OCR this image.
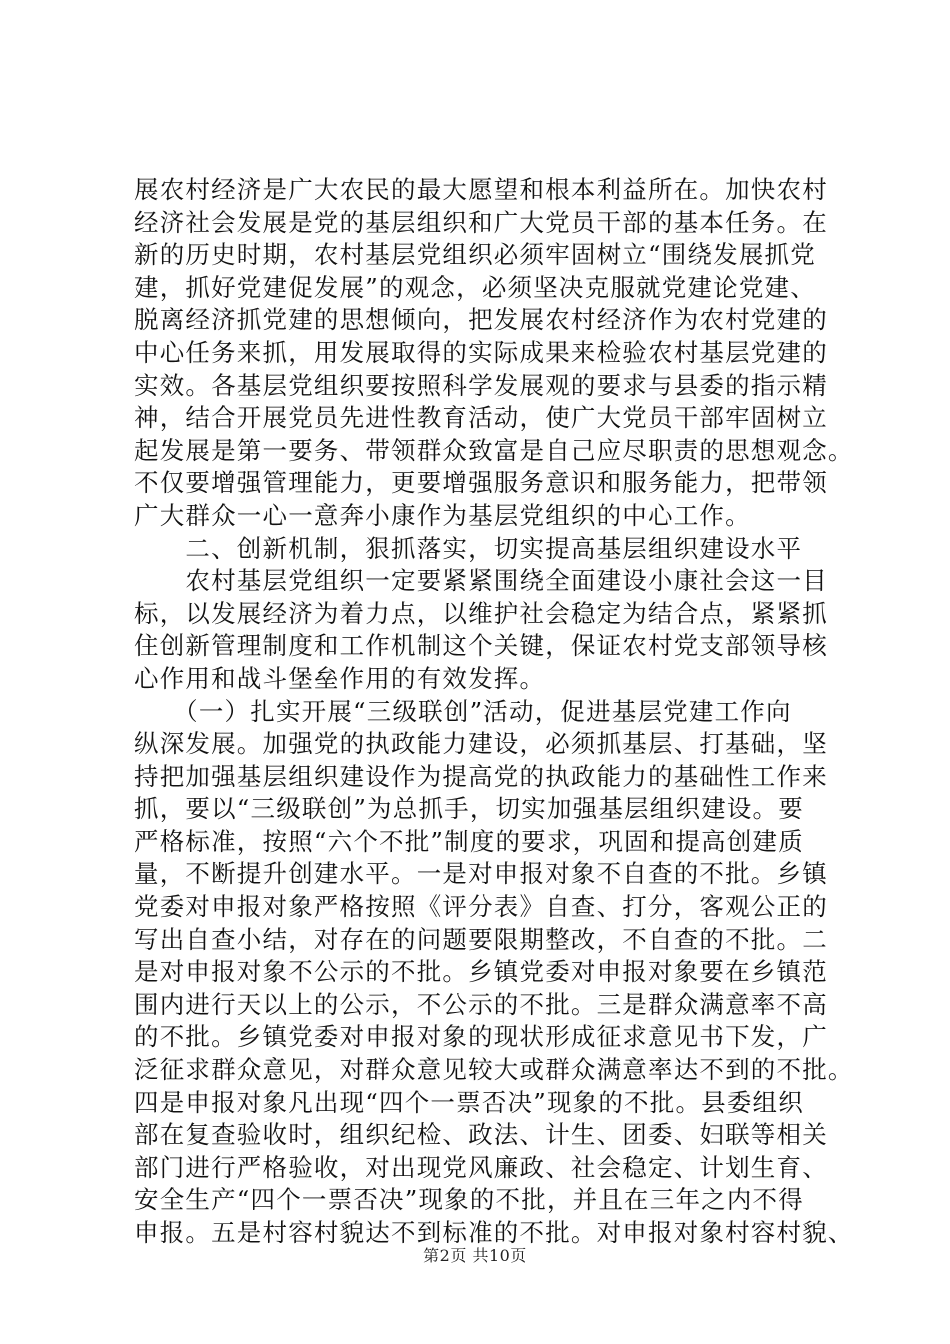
展农村经济是广大农民的最大愿望和根本利益所在。加快农村
经济社会发展是党的基层组织和广大党员干部的基本任务。在
新的历史时期，农村基层党组织必须牢固树立“围绕发展抓党
建，抓好党建促发展”的观念，必须坚决克服就党建论党建、
脱离经济抓党建的思想倾向，把发展农村经济作为农村党建的
中心任务来抓，用发展取得的实际成果来检验农村基层党建的
实效。各基层党组织要按照科学发展观的要求与县委的指示精
神，结合开展党员先进性教育活动，使广大党员干部牢固树立
起发展是第一要务、带领群众致富是自己应尽职责的思想观念。
不仅要增强管理能力，更要增强服务意识和服务能力，把带领
广大群众一心一意奔小康作为基层党组织的中心工作。
　　二、创新机制，狠抓落实，切实提高基层组织建设水平
　　农村基层党组织一定要紧紧围绕全面建设小康社会这一目
标，以发展经济为着力点，以维护社会稳定为结合点，紧紧抓
住创新管理制度和工作机制这个关键，保证农村党支部领导核
心作用和战斗堡垒作用的有效发挥。
　　（一）扎实开展“三级联创”活动，促进基层党建工作向
纵深发展。加强党的执政能力建设，必须抓基层、打基础，坚
持把加强基层组织建设作为提高党的执政能力的基础性工作来
抓，要以“三级联创”为总抓手，切实加强基层组织建设。要
严格标准，按照“六个不批”制度的要求，巩固和提高创建质
量，不断提升创建水平。一是对申报对象不自查的不批。乡镇
党委对申报对象严格按照《评分表》自查、打分，客观公正的
写出自查小结，对存在的问题要限期整改，不自查的不批。二
是对申报对象不公示的不批。乡镇党委对申报对象要在乡镇范
围内进行天以上的公示，不公示的不批。三是群众满意率不高
的不批。乡镇党委对申报对象的现状形成征求意见书下发，广
泛征求群众意见，对群众意见较大或群众满意率达不到的不批。
四是申报对象凡出现“四个一票否决”现象的不批。县委组织
部在复查验收时，组织纪检、政法、计生、团委、妇联等相关
部门进行严格验收，对出现党风廉政、社会稳定、计划生育、
安全生产“四个一票否决”现象的不批，并且在三年之内不得
申报。五是村容村貌达不到标准的不批。对申报对象村容村貌、
第2页 共10页
